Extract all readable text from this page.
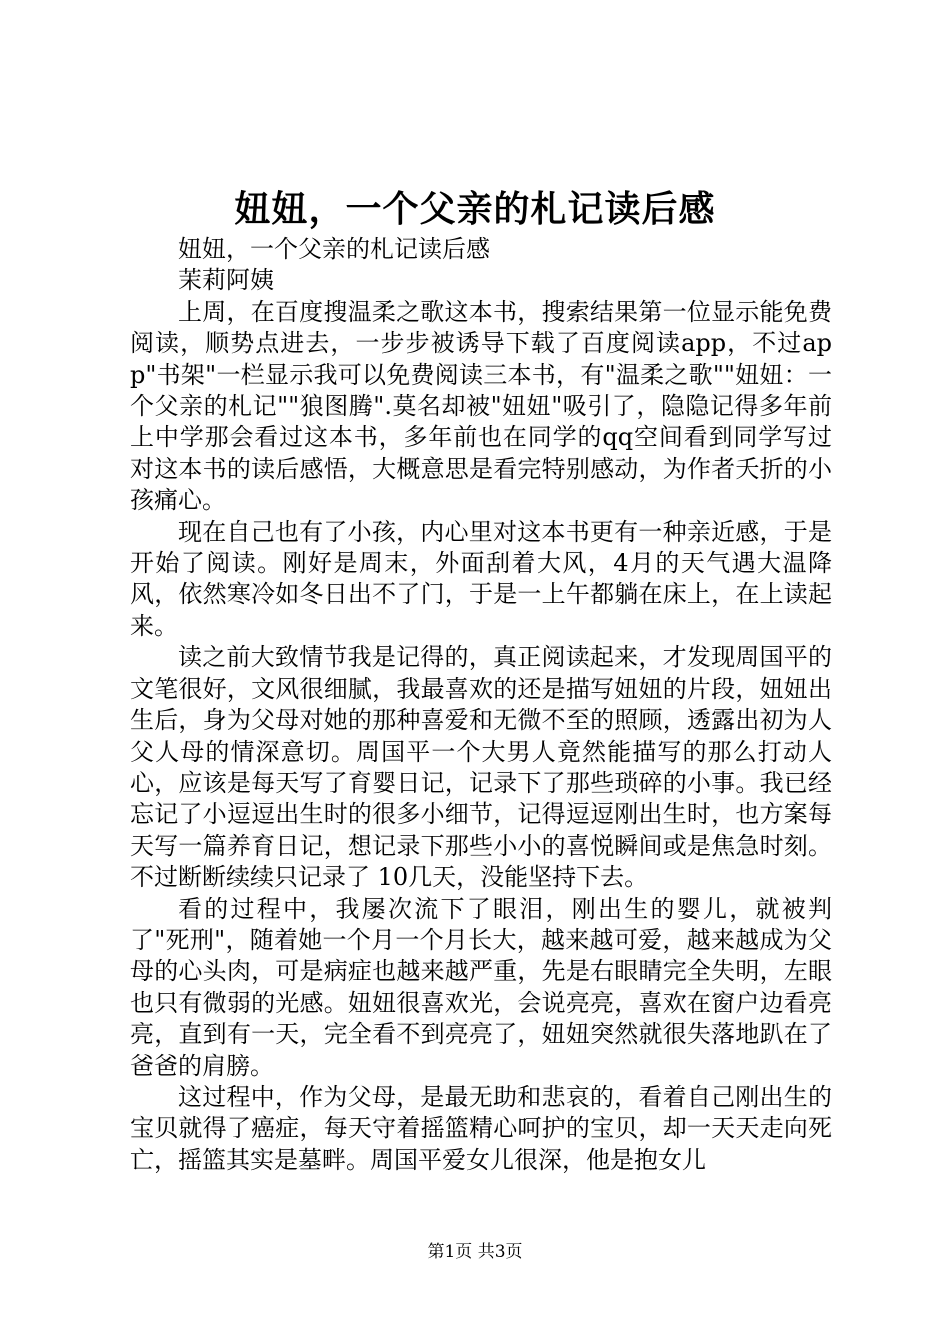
妞妞，一个父亲的札记读后感

妞妞，一个父亲的札记读后感

茉莉阿姨

上周，在百度搜温柔之歌这本书，搜索结果第一位显示能免费阅读，顺势点进去，一步步被诱导下载了百度阅读app，不过app"书架"一栏显示我可以免费阅读三本书，有"温柔之歌""妞妞：一个父亲的札记""狼图腾".莫名却被"妞妞"吸引了，隐隐记得多年前上中学那会看过这本书，多年前也在同学的qq空间看到同学写过对这本书的读后感悟，大概意思是看完特别感动，为作者夭折的小孩痛心。

现在自己也有了小孩，内心里对这本书更有一种亲近感，于是开始了阅读。刚好是周末，外面刮着大风，4月的天气遇大温降风，依然寒冷如冬日出不了门，于是一上午都躺在床上，在上读起来。

读之前大致情节我是记得的，真正阅读起来，才发现周国平的文笔很好，文风很细腻，我最喜欢的还是描写妞妞的片段，妞妞出生后，身为父母对她的那种喜爱和无微不至的照顾，透露出初为人父人母的情深意切。周国平一个大男人竟然能描写的那么打动人心，应该是每天写了育婴日记，记录下了那些琐碎的小事。我已经忘记了小逗逗出生时的很多小细节，记得逗逗刚出生时，也方案每天写一篇养育日记，想记录下那些小小的喜悦瞬间或是焦急时刻。不过断断续续只记录了 10几天，没能坚持下去。

看的过程中，我屡次流下了眼泪，刚出生的婴儿，就被判了"死刑"，随着她一个月一个月长大，越来越可爱，越来越成为父母的心头肉，可是病症也越来越严重，先是右眼睛完全失明，左眼也只有微弱的光感。妞妞很喜欢光，会说亮亮，喜欢在窗户边看亮亮，直到有一天，完全看不到亮亮了，妞妞突然就很失落地趴在了爸爸的肩膀。

这过程中，作为父母，是最无助和悲哀的，看着自己刚出生的宝贝就得了癌症，每天守着摇篮精心呵护的宝贝，却一天天走向死亡，摇篮其实是墓畔。周国平爱女儿很深，他是抱女儿

第1页 共3页
